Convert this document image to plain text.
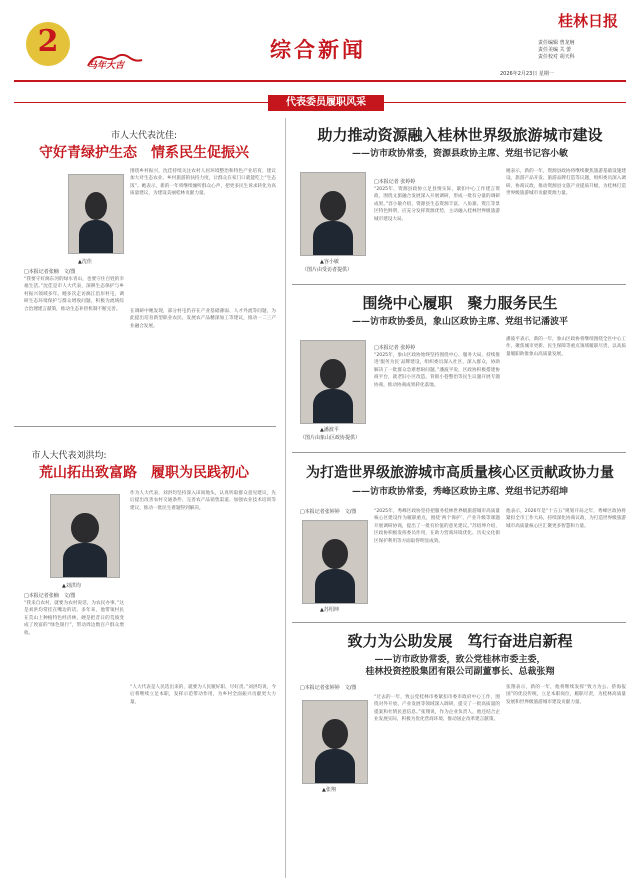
2
马年大吉
综合新闻
桂林日报
责任编辑 曾龙舸
责任美编 关 蕾
责任校对 胡天科
2026年2月23日 星期一
代表委员履职风采
市人大代表沈佳:
守好青绿护生态　情系民生促振兴
▲沈佳
□本报记者张楠　文/图
“我要守好漓东河的绿水青山，也要守住百姓的幸福生活。”沈佳是市人大代表，深耕生态保护与乡村振兴领域多年。她多次走访漓江沿岸村屯，调研生态环境保护与群众增收问题，积极为流域综合治理建言献策，推动生态补偿机制不断完善。
围绕乡村振兴，沈佳持续关注农村人居环境整治和特色产业培育，建议加大对生态农业、乡村旅游的扶持力度，让群众在家门口就能吃上“生态饭”。她表示，新的一年将继续倾听群众心声，把更多民生诉求转化为高质量建议，为建设美丽桂林贡献力量。
在调研中她发现，部分村屯仍存在产业基础薄弱、人才外流等问题，为此提出培育新型职业农民、发展农产品精深加工等建议，推动一二三产业融合发展。
市人大代表刘洪均:
荒山拓出致富路　履职为民践初心
▲刘洪均
□本报记者张楠　文/图
“我来自农村，就要为农村说话，为农民办事。”这是刘洪均常挂在嘴边的话。多年来，他带领村民在荒山上种植特色经济林，硬是把昔日的荒坡变成了致富的“绿色银行”，带动周边数百户群众增收。
作为人大代表，刘洪均坚持深入田间地头，认真听取群众意见建议，先后提出改善农村交通条件、完善农产品销售渠道、加强农业技术培训等建议，推动一批民生难题得到解决。
“人大代表是人民选出来的，就要为人民履好职、尽好责。”刘洪均说，今后将继续立足本职，发挥示范带动作用，为乡村全面振兴贡献更大力量。
助力推动资源融入桂林世界级旅游城市建设
——访市政协常委，资源县政协主席、党组书记容小敏
▲容小敏
（图片由受访者提供）
□本报记者 张婷婷
“2025年，资源县政协立足县情实际，紧扣中心工作建言资政，围绕文旅融合发展深入开展调研，形成一批有分量的调研成果。”容小敏介绍，资源县生态资源丰富，八角寨、资江等景区特色鲜明，应充分发挥资源优势，主动融入桂林世界级旅游城市建设大局。
她表示，新的一年，资源县政协将继续聚焦旅游基础设施建设、旅游产品开发、旅游品牌打造等议题，组织委员深入调研、协商议政，推动资源县文旅产业提质升级，为桂林打造世界级旅游城市贡献资源力量。
围绕中心履职　聚力服务民生
——访市政协委员，象山区政协主席、党组书记潘波平
▲潘波平
（图片由象山区政协提供）
□本报记者 张婷婷
“2025年，象山区政协始终坚持围绕中心、服务大局，持续推进‘服务为民’品牌建设，组织委员深入社区、深入群众，协助解决了一批群众急难愁盼问题。”潘波平说，区政协积极搭建协商平台，就老旧小区改造、背街小巷整治等民生议题开展专题协商，推动协商成果转化落地。
潘波平表示，新的一年，象山区政协将继续围绕全区中心工作，聚焦城市更新、民生保障等重点领域履职尽责，以高质量履职助推象山高质量发展。
为打造世界级旅游城市高质量核心区贡献政协力量
——访市政协常委，秀峰区政协主席、党组书记苏绍坤
□本报记者张婷婷　文/图
▲苏绍坤
“2025年，秀峰区政协坚持把服务桂林世界级旅游城市高质量核心区建设作为履职重点，围绕‘两个保护’、产业升级等课题开展调研协商，提出了一批有价值的意见建议。”苏绍坤介绍，区政协积极发挥委员作用，在助力营商环境优化、历史文化街区保护利用等方面取得明显成效。
他表示，2026年是“十五五”规划开局之年，秀峰区政协将紧扣全市工作大局，持续深化协商议政，为打造世界级旅游城市高质量核心区汇聚更多智慧和力量。
致力为公助发展　笃行奋进启新程
——访市政协常委，致公党桂林市委主委，
桂林投资控股集团有限公司副董事长、总裁张翔
□本报记者张婷婷　文/图
▲张翔
“过去的一年，致公党桂林市委紧扣市委市政府中心工作，围绕对外开放、产业发展等领域深入调研，提交了一批高质量的提案和社情民意信息。”张翔说，作为企业负责人，他还结合企业发展实际，积极为优化营商环境、推动国企改革建言献策。
张翔表示，新的一年，他将继续发挥“致力为公、侨海报国”的优良传统，立足本职岗位，履职尽责，为桂林高质量发展和世界级旅游城市建设贡献力量。
